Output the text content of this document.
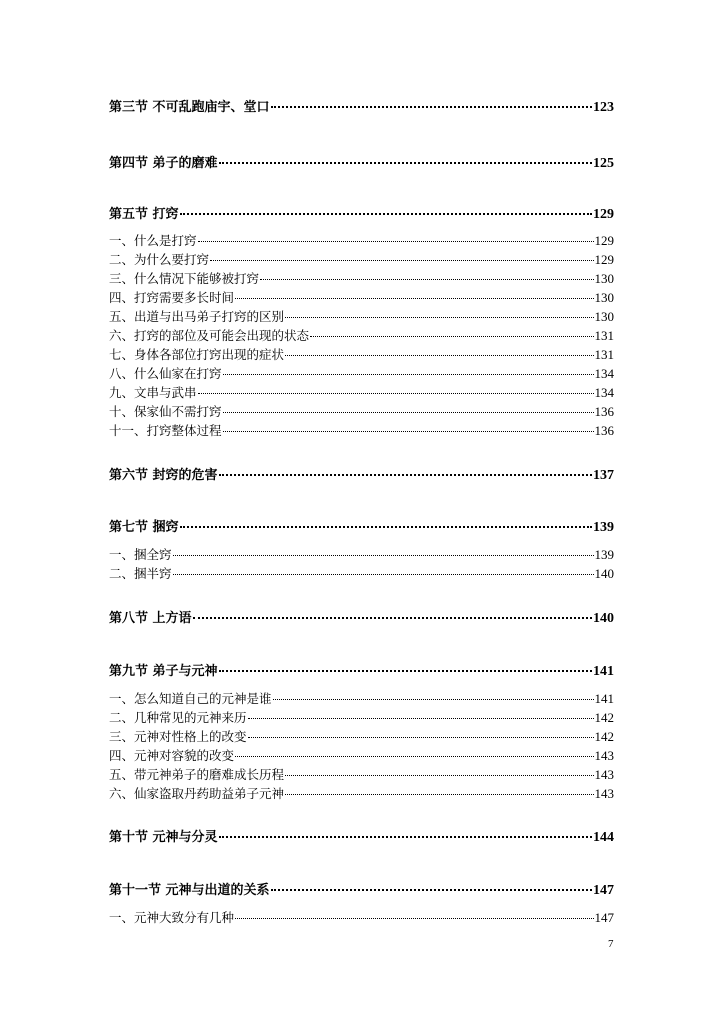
第三节 不可乱跑庙宇、堂口	123
第四节 弟子的磨难	125
第五节 打窍	129
一、什么是打窍	129
二、为什么要打窍	129
三、什么情况下能够被打窍	130
四、打窍需要多长时间	130
五、出道与出马弟子打窍的区别	130
六、打窍的部位及可能会出现的状态	131
七、身体各部位打窍出现的症状	131
八、什么仙家在打窍	134
九、文串与武串	134
十、保家仙不需打窍	136
十一、打窍整体过程	136
第六节 封窍的危害	137
第七节 捆窍	139
一、捆全窍	139
二、捆半窍	140
第八节 上方语	140
第九节 弟子与元神	141
一、怎么知道自己的元神是谁	141
二、几种常见的元神来历	142
三、元神对性格上的改变	142
四、元神对容貌的改变	143
五、带元神弟子的磨难成长历程	143
六、仙家盗取丹药助益弟子元神	143
第十节 元神与分灵	144
第十一节 元神与出道的关系	147
一、元神大致分有几种	147
7
